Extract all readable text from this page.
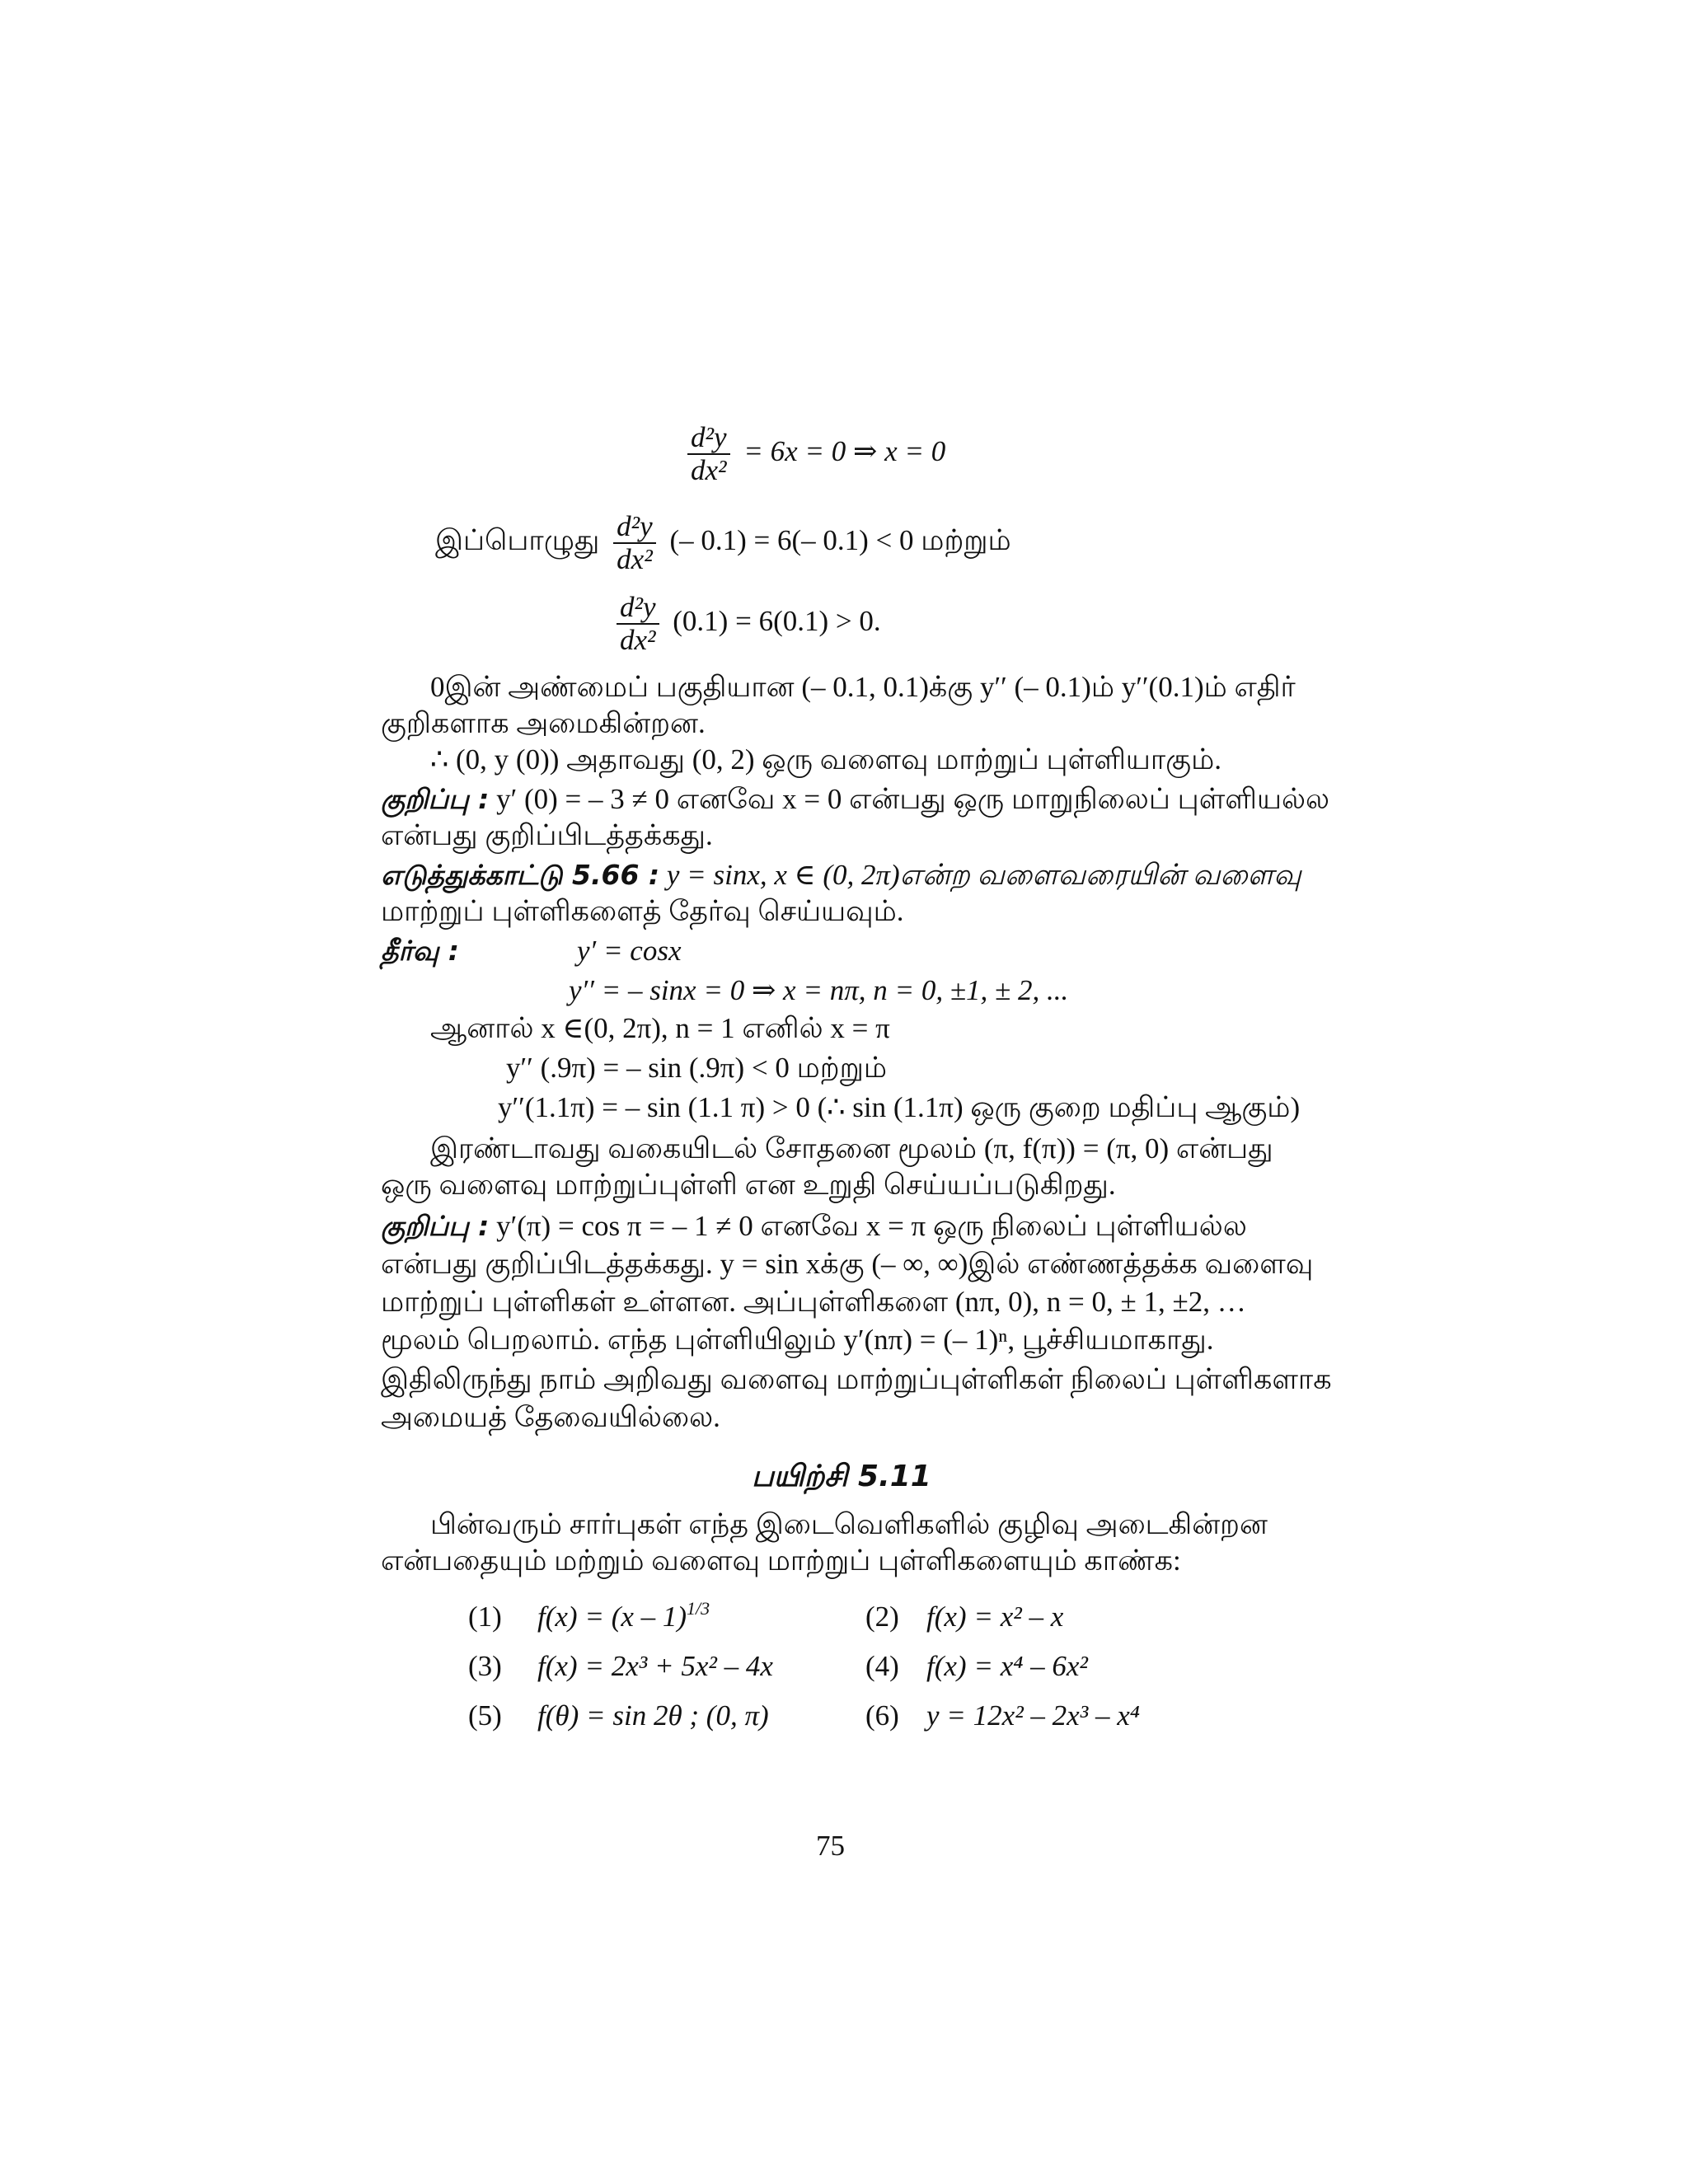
$\frac{\text{d²y}}{\text{dx²}} = 6x = 0$ ⇒ x = 0
இப்பொழுது $\frac{\text{d²y}}{\text{dx²}}$ (– 0.1) = 6(– 0.1) < 0 மற்றும்
$\frac{\text{d²y}}{\text{dx²}} (0.1) = 6(0.1) > 0$.
0இன் அண்மைப் பகுதியான (– 0.1, 0.1)க்கு y′′ (– 0.1)ம் y′′(0.1)ம் எதிர்
குறிகளாக அமைகின்றன.
∴ (0, y (0)) அதாவது (0, 2) ஒரு வளைவு மாற்றுப் புள்ளியாகும்.
குறிப்பு : y′ (0) = – 3 ≠ 0 எனவே x = 0 என்பது ஒரு மாறுநிலைப் புள்ளியல்ல
என்பது குறிப்பிடத்தக்கது.
எடுத்துக்காட்டு 5.66 : y = sinx, x ∈ (0, 2π)என்ற வளைவரையின் வளைவு
மாற்றுப் புள்ளிகளைத் தேர்வு செய்யவும்.
தீர்வு :	y′ = cosx
y′′ = – sinx = 0 ⇒ x = nπ, n = 0, ±1, ± 2, ...
ஆனால் x ∈(0, 2π), n = 1 எனில் x = π
y′′ (.9π) = – sin (.9π) < 0 மற்றும்
y′′(1.1π) = – sin (1.1 π) > 0 (∴ sin (1.1π) ஒரு குறை மதிப்பு ஆகும்)
இரண்டாவது வகையிடல் சோதனை மூலம் (π, f(π)) = (π, 0) என்பது
ஒரு வளைவு மாற்றுப்புள்ளி என உறுதி செய்யப்படுகிறது.
குறிப்பு : y′(π) = cos π = – 1 ≠ 0 எனவே x = π ஒரு நிலைப் புள்ளியல்ல
என்பது குறிப்பிடத்தக்கது. y = sin xக்கு (– ∞, ∞)இல் எண்ணத்தக்க வளைவு
மாற்றுப் புள்ளிகள் உள்ளன. அப்புள்ளிகளை (nπ, 0), n = 0, ± 1, ±2, …
மூலம் பெறலாம். எந்த புள்ளியிலும் y′(nπ) = (– 1)ⁿ, பூச்சியமாகாது.
இதிலிருந்து நாம் அறிவது வளைவு மாற்றுப்புள்ளிகள் நிலைப் புள்ளிகளாக
அமையத் தேவையில்லை.
பயிற்சி 5.11
பின்வரும் சார்புகள் எந்த இடைவெளிகளில் குழிவு அடைகின்றன
என்பதையும் மற்றும் வளைவு மாற்றுப் புள்ளிகளையும் காண்க:
(1) f(x) = (x – 1)$^{1/3}$	(2) f(x) = x² – x
(3) f(x) = 2x³ + 5x² – 4x	(4) f(x) = x⁴ – 6x²
(5) f(θ) = sin 2θ ; (0, π)	(6) y = 12x² – 2x³ – x⁴
75
